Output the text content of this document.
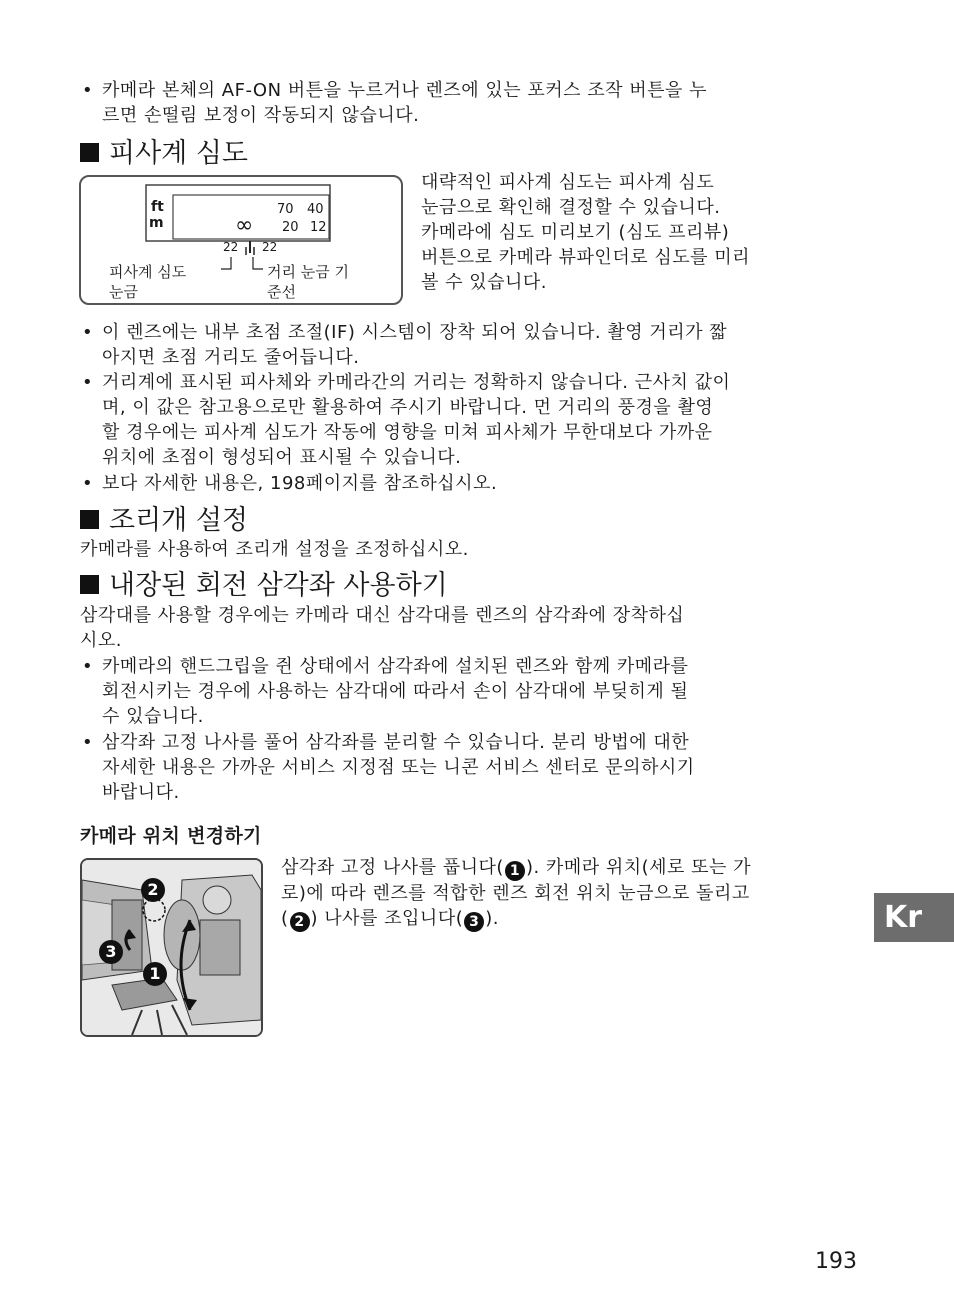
• 카메라 본체의 AF-ON 버튼을 누르거나 렌즈에 있는 포커스 조작 버튼을 누
르면 손떨림 보정이 작동되지 않습니다.
피사계 심도
ft
m
70 40
20 12
∞
22 22
피사계 심도
눈금
거리 눈금 기
준선
대략적인 피사계 심도는 피사계 심도
눈금으로 확인해 결정할 수 있습니다.
카메라에 심도 미리보기 (심도 프리뷰)
버튼으로 카메라 뷰파인더로 심도를 미리
볼 수 있습니다.
• 이 렌즈에는 내부 초점 조절(IF) 시스템이 장착 되어 있습니다. 촬영 거리가 짧
아지면 초점 거리도 줄어듭니다.
• 거리계에 표시된 피사체와 카메라간의 거리는 정확하지 않습니다. 근사치 값이
며, 이 값은 참고용으로만 활용하여 주시기 바랍니다. 먼 거리의 풍경을 촬영
할 경우에는 피사계 심도가 작동에 영향을 미쳐 피사체가 무한대보다 가까운
위치에 초점이 형성되어 표시될 수 있습니다.
• 보다 자세한 내용은, 198페이지를 참조하십시오.
조리개 설정
카메라를 사용하여 조리개 설정을 조정하십시오.
내장된 회전 삼각좌 사용하기
삼각대를 사용할 경우에는 카메라 대신 삼각대를 렌즈의 삼각좌에 장착하십
시오.
• 카메라의 핸드그립을 쥔 상태에서 삼각좌에 설치된 렌즈와 함께 카메라를
회전시키는 경우에 사용하는 삼각대에 따라서 손이 삼각대에 부딪히게 될
수 있습니다.
• 삼각좌 고정 나사를 풀어 삼각좌를 분리할 수 있습니다. 분리 방법에 대한
자세한 내용은 가까운 서비스 지정점 또는 니콘 서비스 센터로 문의하시기
바랍니다.
카메라 위치 변경하기
2
3
1
삼각좌 고정 나사를 풉니다( 1 ). 카메라 위치(세로 또는 가
로)에 따라 렌즈를 적합한 렌즈 회전 위치 눈금으로 돌리고
( 2 ) 나사를 조입니다( 3 ).	Kr
193
